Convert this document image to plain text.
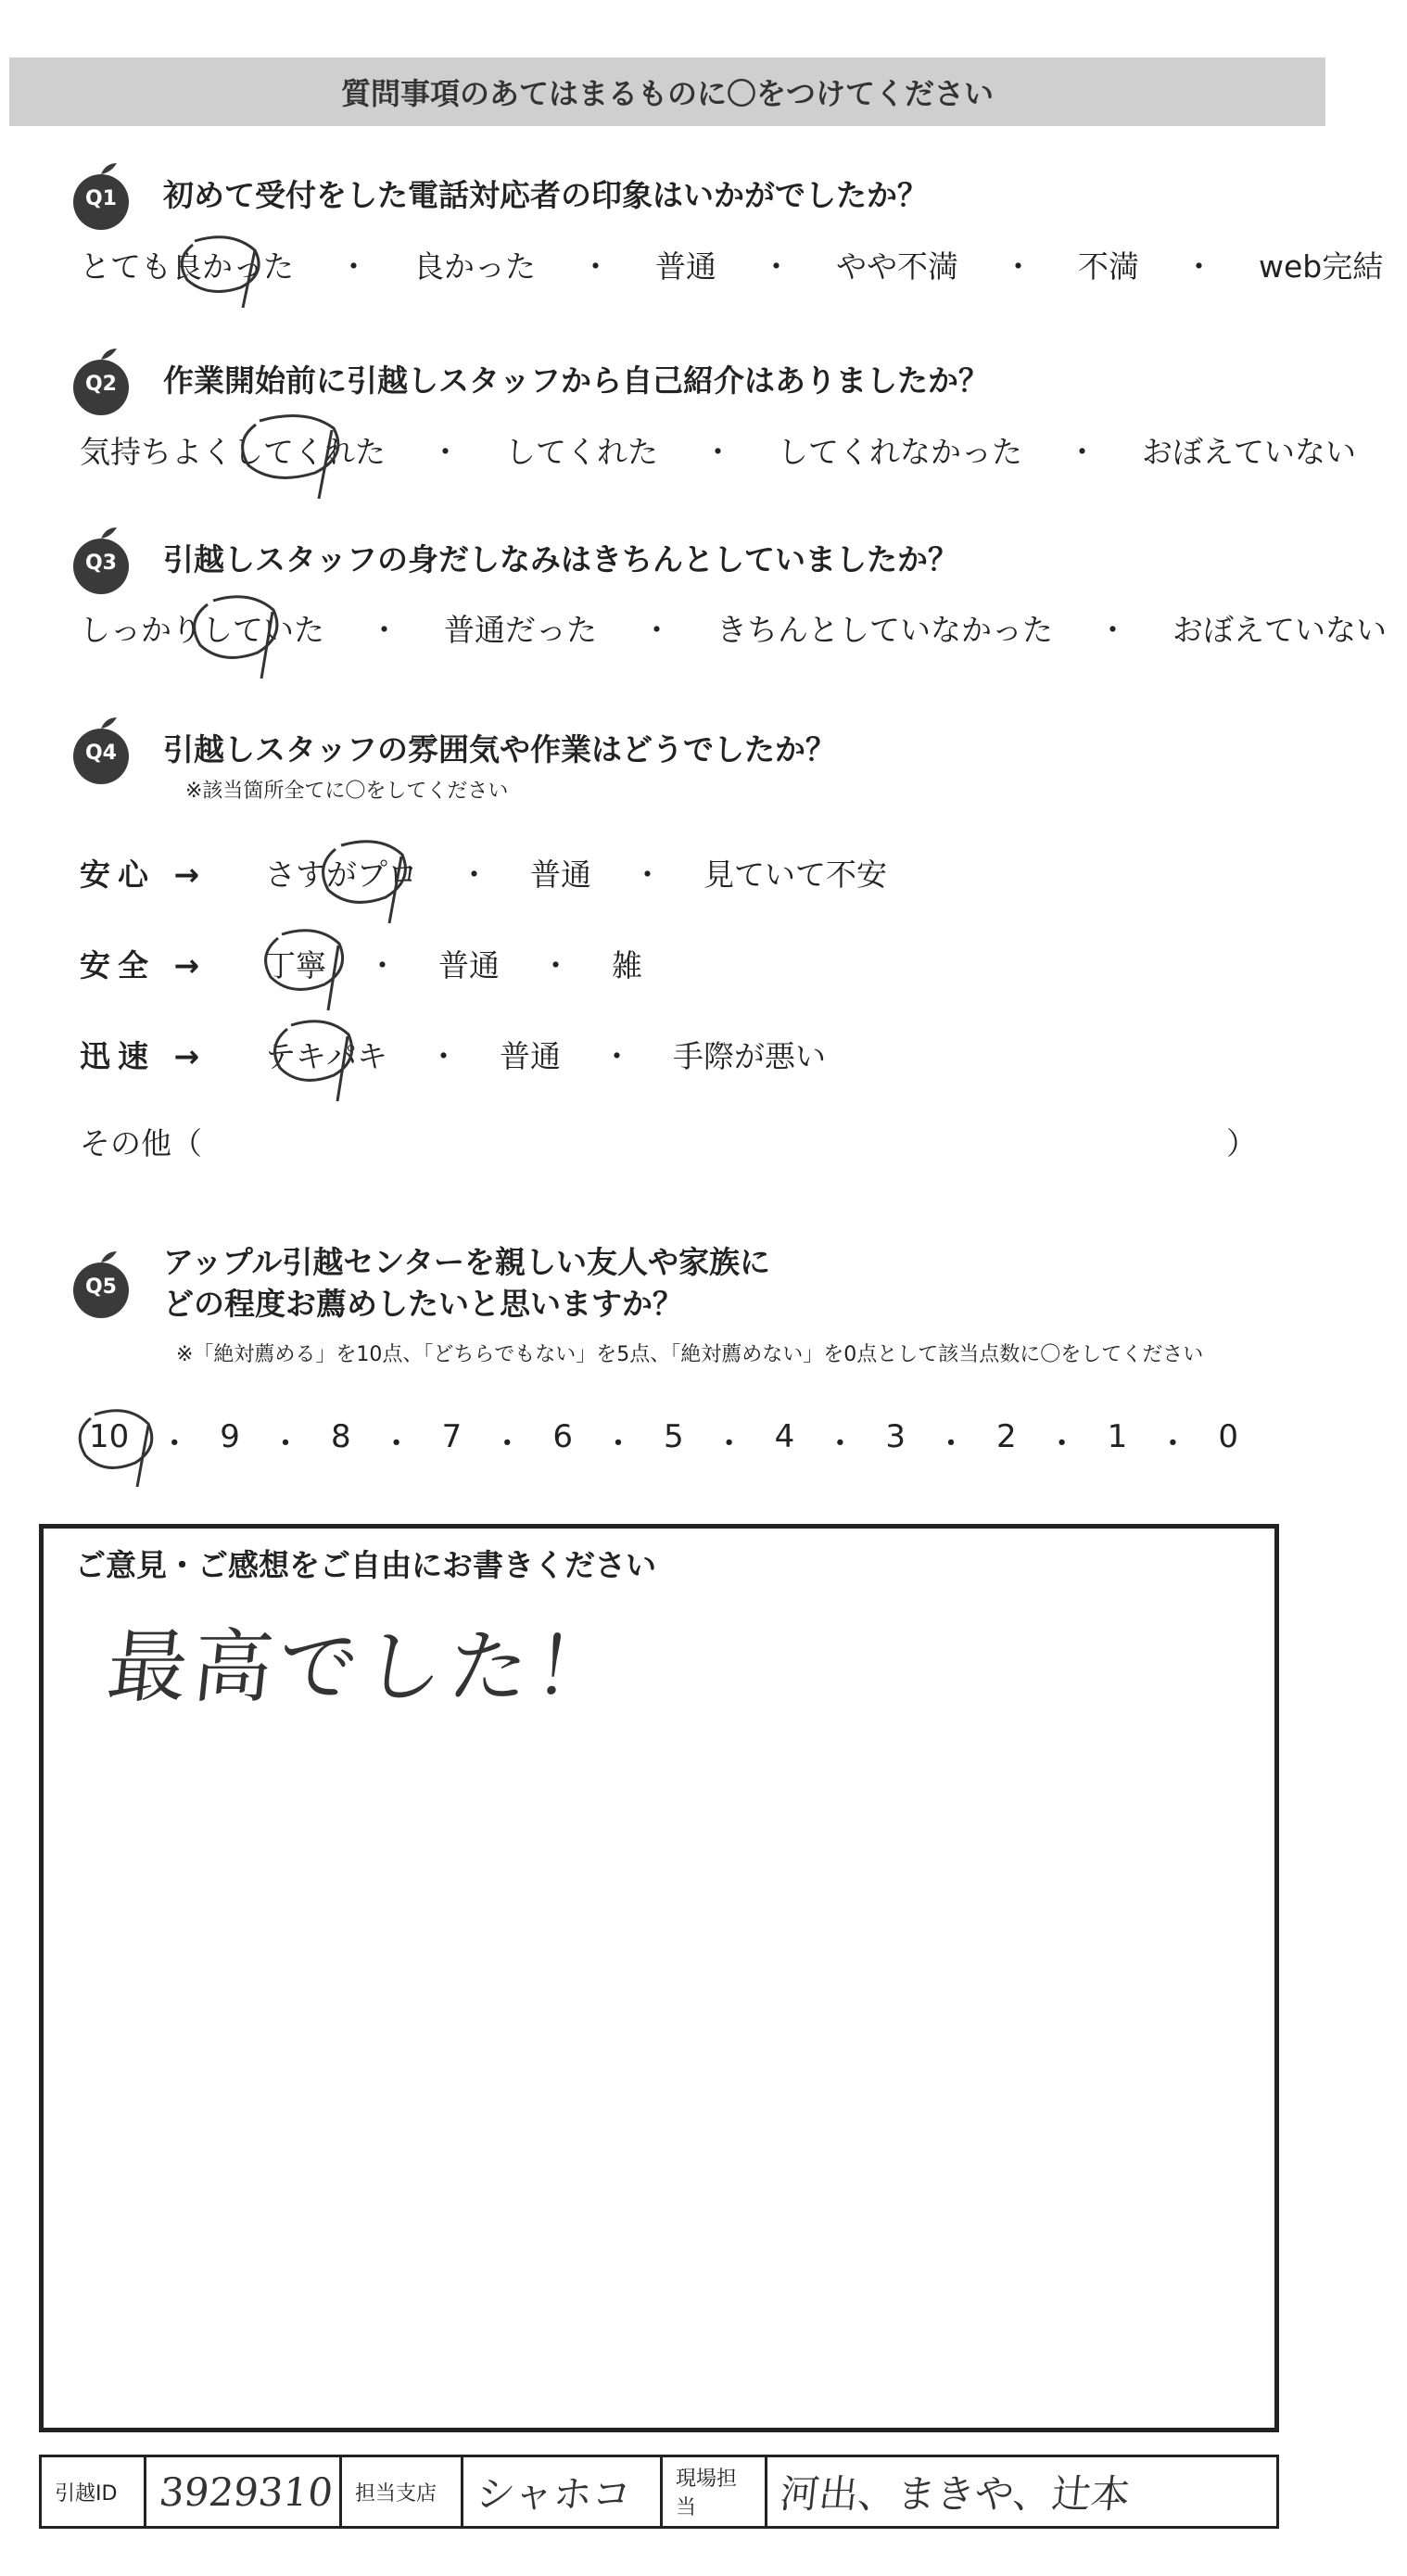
質問事項のあてはまるものに〇をつけてください
Q1	初めて受付をした電話対応者の印象はいかがでしたか？
とても良かった ・ 良かった ・ 普通 ・ やや不満 ・ 不満 ・ web完結
Q2	作業開始前に引越しスタッフから自己紹介はありましたか？
気持ちよくしてくれた ・ してくれた ・ してくれなかった ・ おぼえていない
Q3	引越しスタッフの身だしなみはきちんとしていましたか？
しっかりしていた ・ 普通だった ・ きちんとしていなかった ・ おぼえていない
Q4	引越しスタッフの雰囲気や作業はどうでしたか？
※該当箇所全てに〇をしてください
安心 →	さすがプロ ・ 普通 ・ 見ていて不安
安全 →	丁寧 ・ 普通 ・ 雑
迅速 →	テキパキ ・ 普通 ・ 手際が悪い
その他（	）
Q5
アップル引越センターを親しい友人や家族に
どの程度お薦めしたいと思いますか？
※「絶対薦める」を10点、「どちらでもない」を5点、「絶対薦めない」を0点として該当点数に〇をしてください
10 ・ 9 ・ 8 ・ 7 ・ 6 ・ 5 ・ 4 ・ 3 ・ 2 ・ 1 ・ 0
ご意見・ご感想をご自由にお書きください
最高でした！
引越ID	3929310 担当支店 シャホコ	現場担当	河出、まきや、辻本
